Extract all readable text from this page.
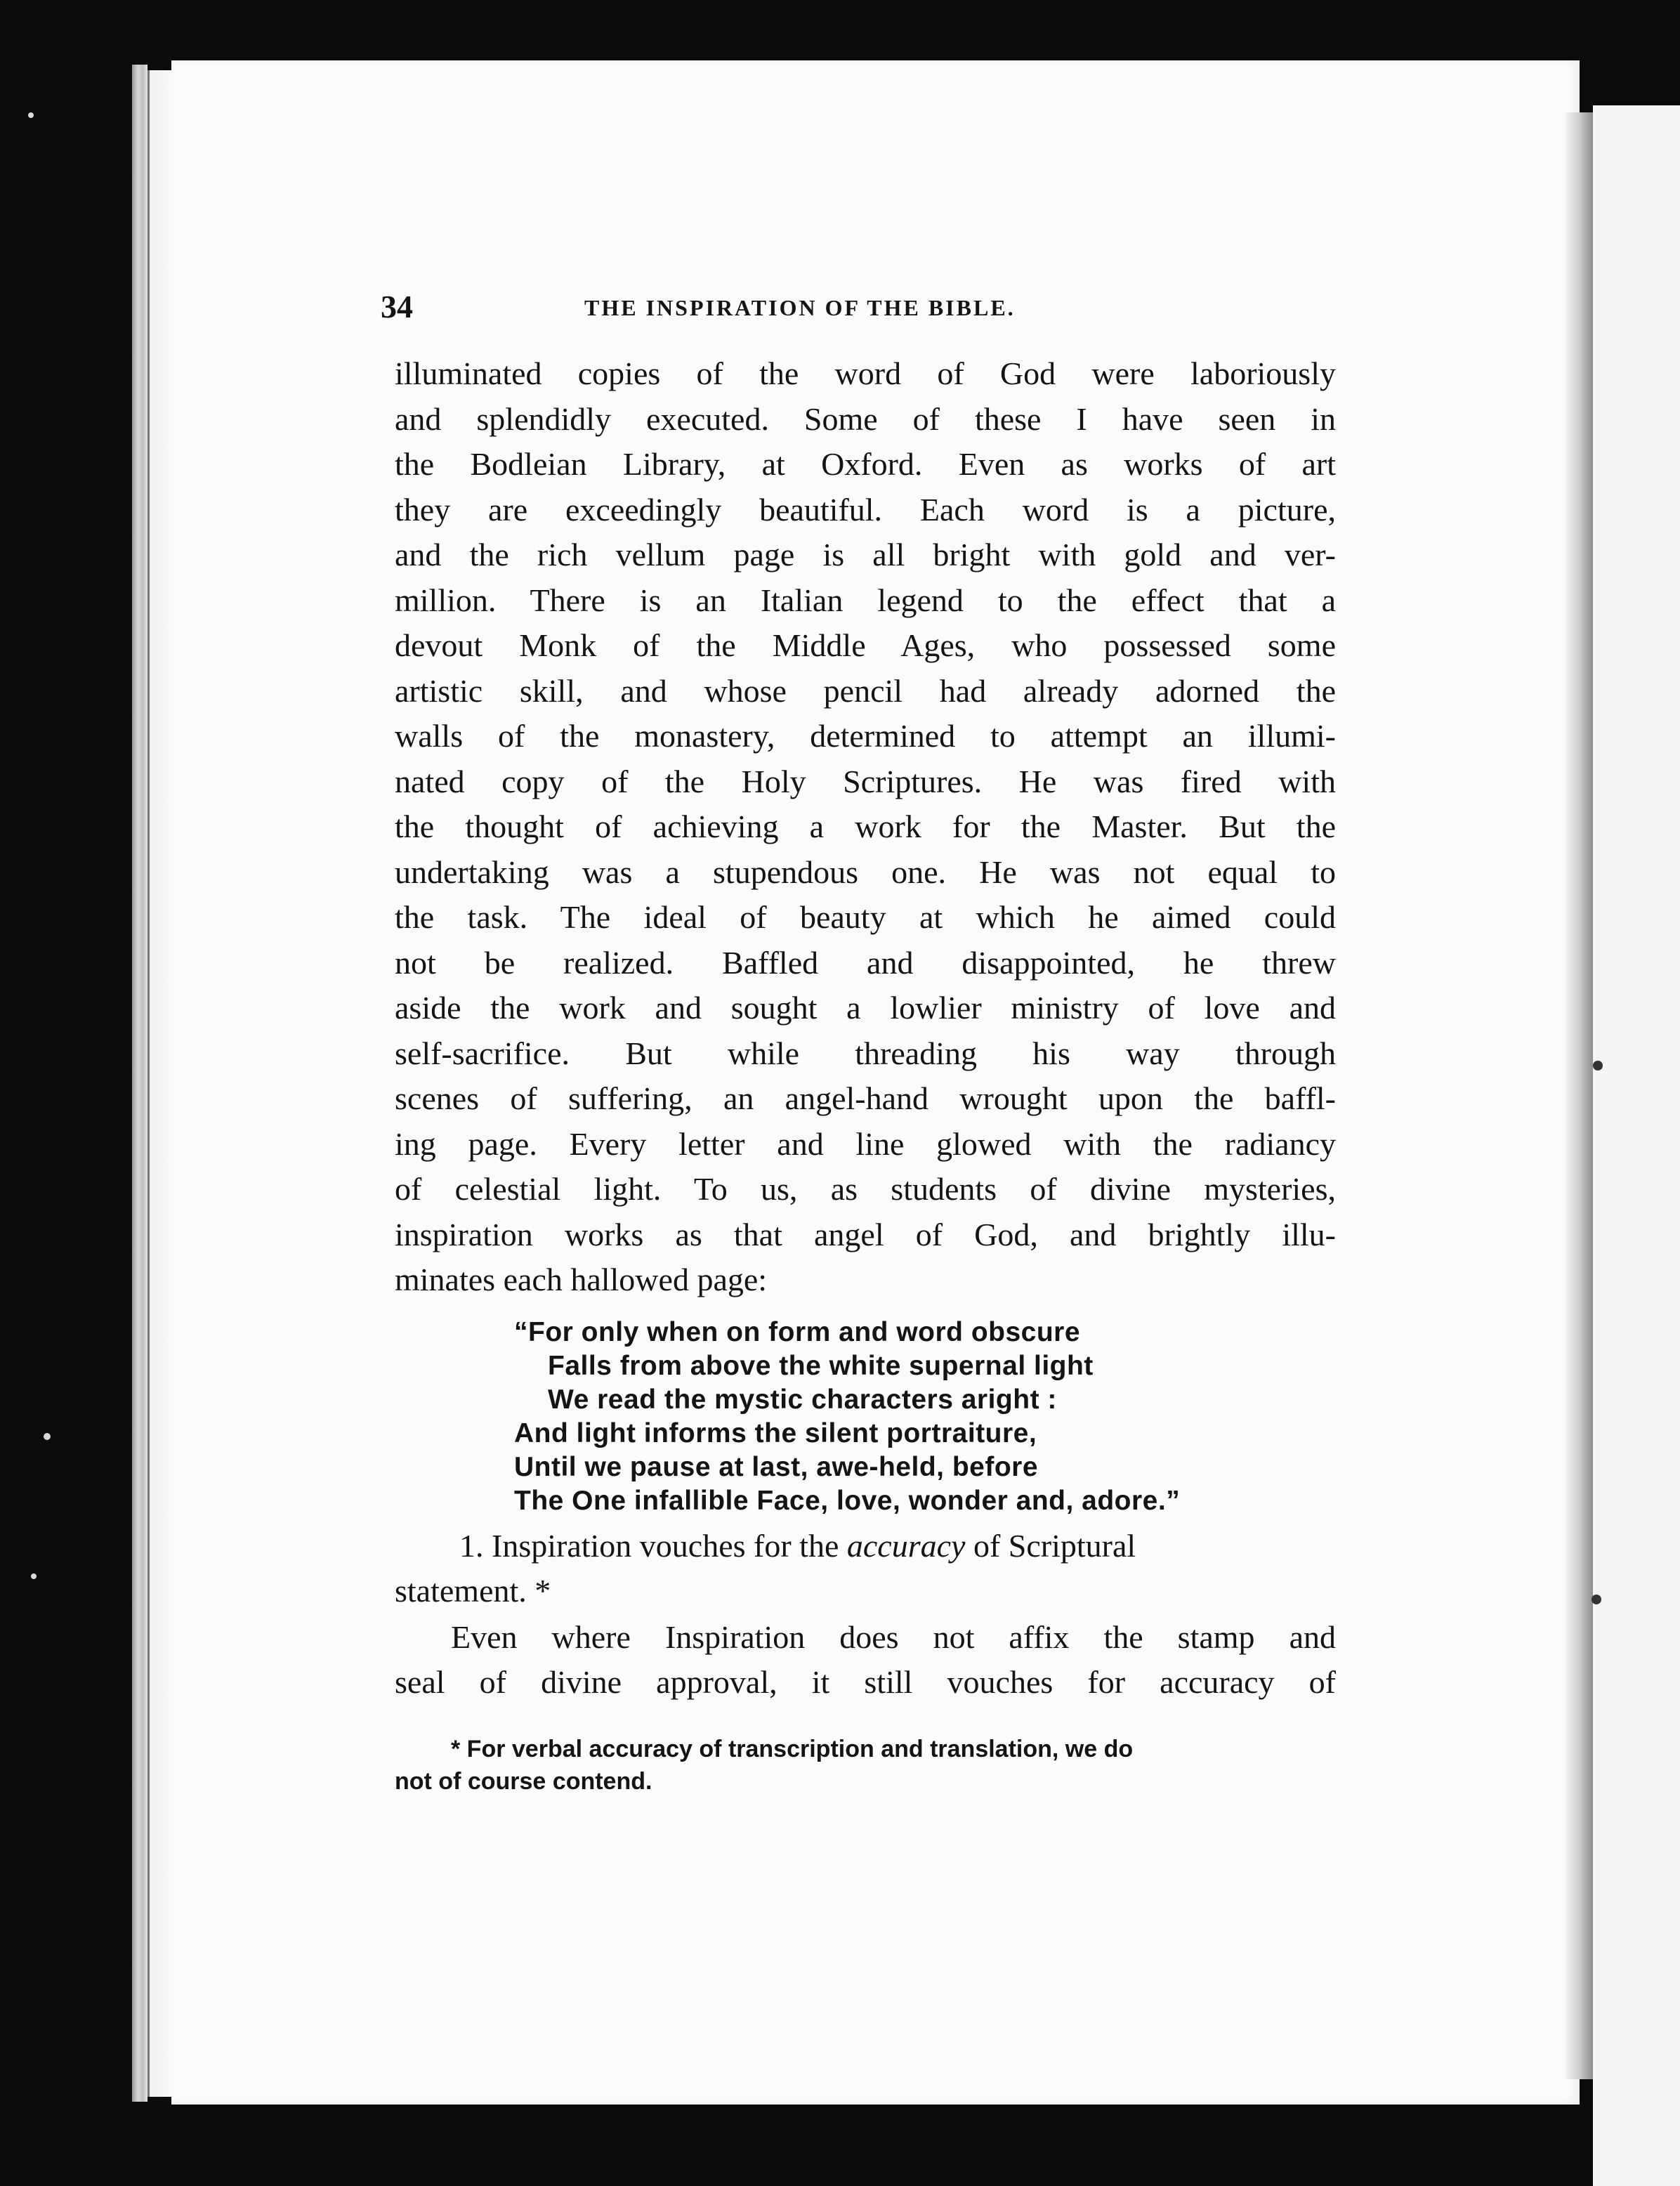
34	THE INSPIRATION OF THE BIBLE.
illuminated copies of the word of God were laboriously
and splendidly executed. Some of these I have seen in
the Bodleian Library, at Oxford. Even as works of art
they are exceedingly beautiful. Each word is a picture,
and the rich vellum page is all bright with gold and ver-
million. There is an Italian legend to the effect that a
devout Monk of the Middle Ages, who possessed some
artistic skill, and whose pencil had already adorned the
walls of the monastery, determined to attempt an illumi-
nated copy of the Holy Scriptures. He was fired with
the thought of achieving a work for the Master. But the
undertaking was a stupendous one. He was not equal to
the task. The ideal of beauty at which he aimed could
not be realized. Baffled and disappointed, he threw
aside the work and sought a lowlier ministry of love and
self-sacrifice. But while threading his way through
scenes of suffering, an angel-hand wrought upon the baffl-
ing page. Every letter and line glowed with the radiancy
of celestial light. To us, as students of divine mysteries,
inspiration works as that angel of God, and brightly illu-
minates each hallowed page:
“For only when on form and word obscure
Falls from above the white supernal light
We read the mystic characters aright :
And light informs the silent portraiture,
Until we pause at last, awe-held, before
The One infallible Face, love, wonder and, adore.”
1. Inspiration vouches for the accuracy of Scriptural
statement. *
Even where Inspiration does not affix the stamp and
seal of divine approval, it still vouches for accuracy of
* For verbal accuracy of transcription and translation, we do
not of course contend.
